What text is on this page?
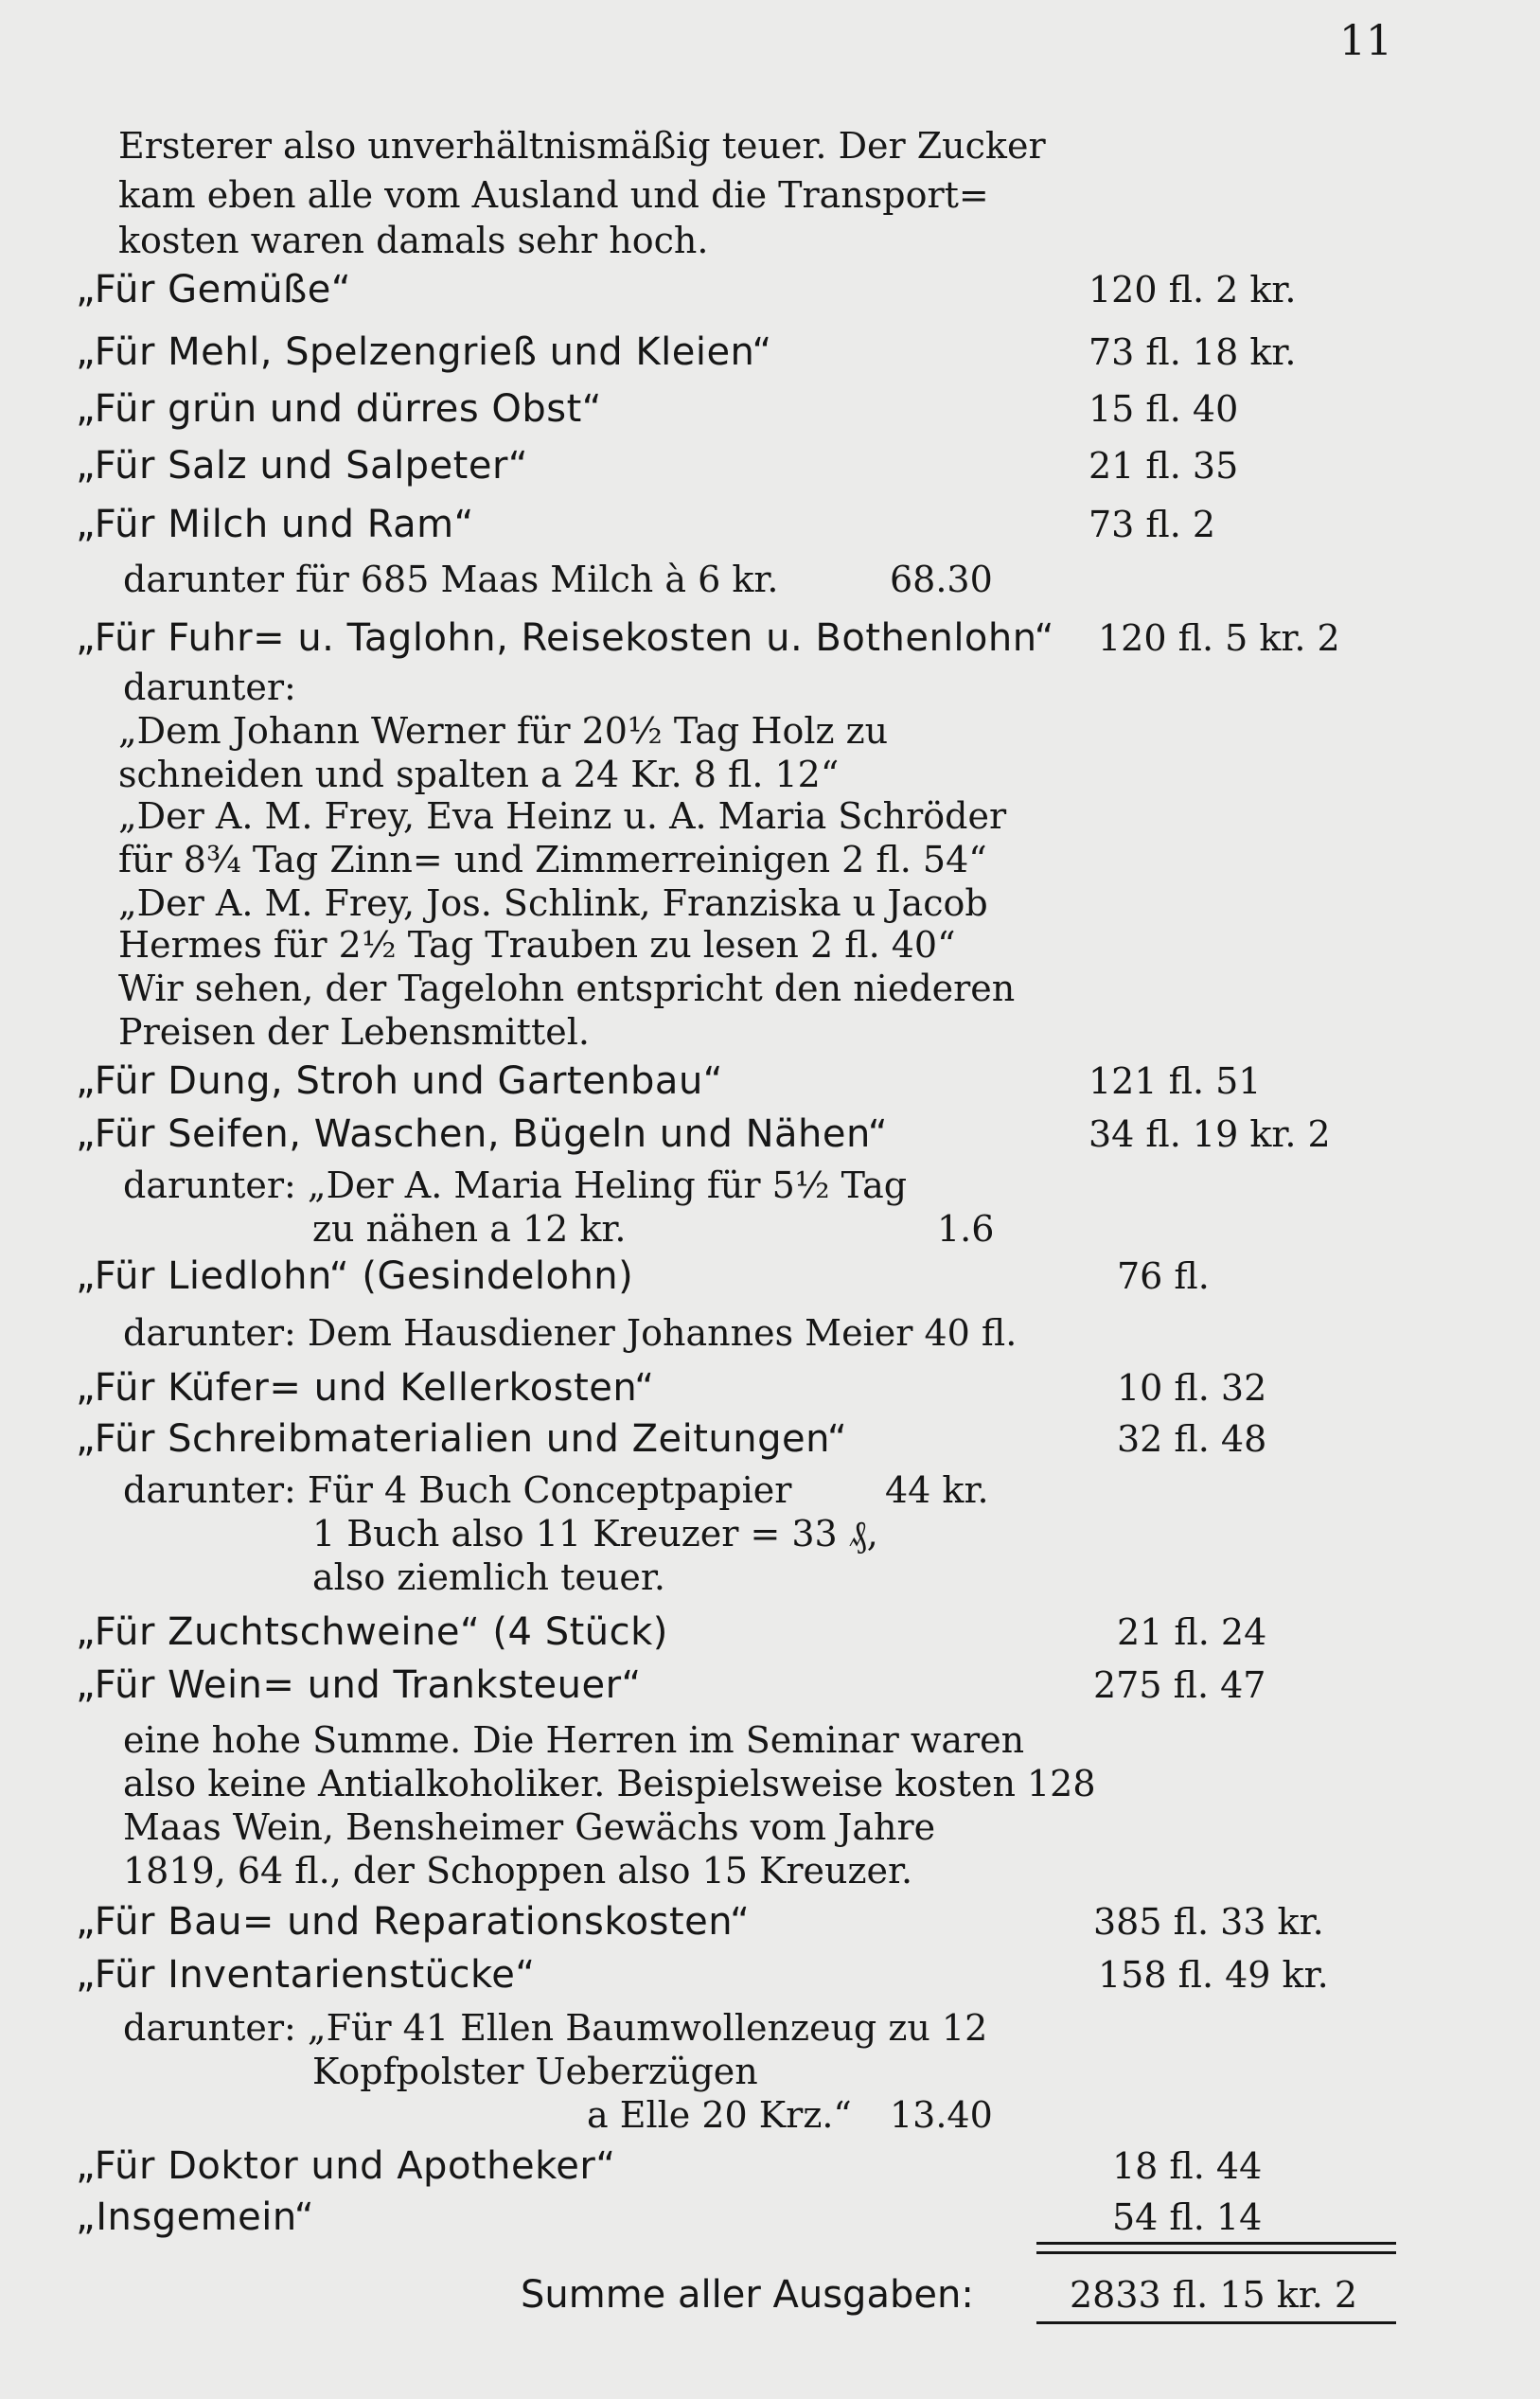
11
Ersterer also unverhältnismäßig teuer. Der Zucker
kam eben alle vom Ausland und die Transport=
kosten waren damals sehr hoch.
„Für Gemüße“	120 fl. 2 kr.
„Für Mehl, Spelzengrieß und Kleien“	73 fl. 18 kr.
„Für grün und dürres Obst“	15 fl. 40
„Für Salz und Salpeter“	21 fl. 35
„Für Milch und Ram“	73 fl. 2
darunter für 685 Maas Milch à 6 kr.	68.30
„Für Fuhr= u. Taglohn, Reisekosten u. Bothenlohn“ 120 fl. 5 kr. 2
darunter:
„Dem Johann Werner für 20½ Tag Holz zu
schneiden und spalten a 24 Kr. 8 fl. 12“
„Der A. M. Frey, Eva Heinz u. A. Maria Schröder
für 8¾ Tag Zinn= und Zimmerreinigen 2 fl. 54“
„Der A. M. Frey, Jos. Schlink, Franziska u Jacob
Hermes für 2½ Tag Trauben zu lesen 2 fl. 40“
Wir sehen, der Tagelohn entspricht den niederen
Preisen der Lebensmittel.
„Für Dung, Stroh und Gartenbau“	121 fl. 51
„Für Seifen, Waschen, Bügeln und Nähen“	34 fl. 19 kr. 2
darunter: „Der A. Maria Heling für 5½ Tag
zu nähen a 12 kr.	1.6
„Für Liedlohn“ (Gesindelohn)	76 fl.
darunter: Dem Hausdiener Johannes Meier 40 fl.
„Für Küfer= und Kellerkosten“	10 fl. 32
„Für Schreibmaterialien und Zeitungen“	32 fl. 48
darunter: Für 4 Buch Conceptpapier	44 kr.
1 Buch also 11 Kreuzer = 33 ₰,
also ziemlich teuer.
„Für Zuchtschweine“ (4 Stück)	21 fl. 24
„Für Wein= und Tranksteuer“	275 fl. 47
eine hohe Summe. Die Herren im Seminar waren
also keine Antialkoholiker. Beispielsweise kosten 128
Maas Wein, Bensheimer Gewächs vom Jahre
1819, 64 fl., der Schoppen also 15 Kreuzer.
„Für Bau= und Reparationskosten“	385 fl. 33 kr.
„Für Inventarienstücke“	158 fl. 49 kr.
darunter: „Für 41 Ellen Baumwollenzeug zu 12
Kopfpolster Ueberzügen
a Elle 20 Krz.“ 13.40
„Für Doktor und Apotheker“	18 fl. 44
„Insgemein“	54 fl. 14
Summe aller Ausgaben:	2833 fl. 15 kr. 2
